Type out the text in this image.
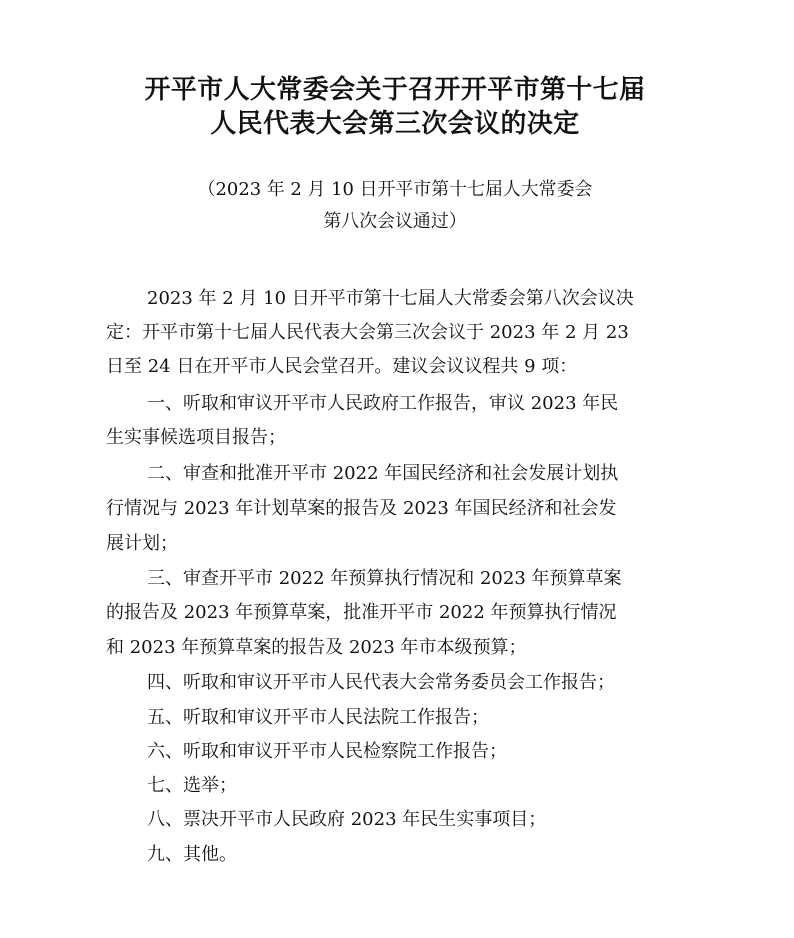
开平市人大常委会关于召开开平市第十七届
人民代表大会第三次会议的决定
（2023 年 2 月 10 日开平市第十七届人大常委会
第八次会议通过）
2023 年 2 月 10 日开平市第十七届人大常委会第八次会议决
定：开平市第十七届人民代表大会第三次会议于 2023 年 2 月 23
日至 24 日在开平市人民会堂召开。建议会议议程共 9 项：
一、听取和审议开平市人民政府工作报告，审议 2023 年民
生实事候选项目报告；
二、审查和批准开平市 2022 年国民经济和社会发展计划执
行情况与 2023 年计划草案的报告及 2023 年国民经济和社会发
展计划；
三、审查开平市 2022 年预算执行情况和 2023 年预算草案
的报告及 2023 年预算草案，批准开平市 2022 年预算执行情况
和 2023 年预算草案的报告及 2023 年市本级预算；
四、听取和审议开平市人民代表大会常务委员会工作报告；
五、听取和审议开平市人民法院工作报告；
六、听取和审议开平市人民检察院工作报告；
七、选举；
八、票决开平市人民政府 2023 年民生实事项目；
九、其他。
